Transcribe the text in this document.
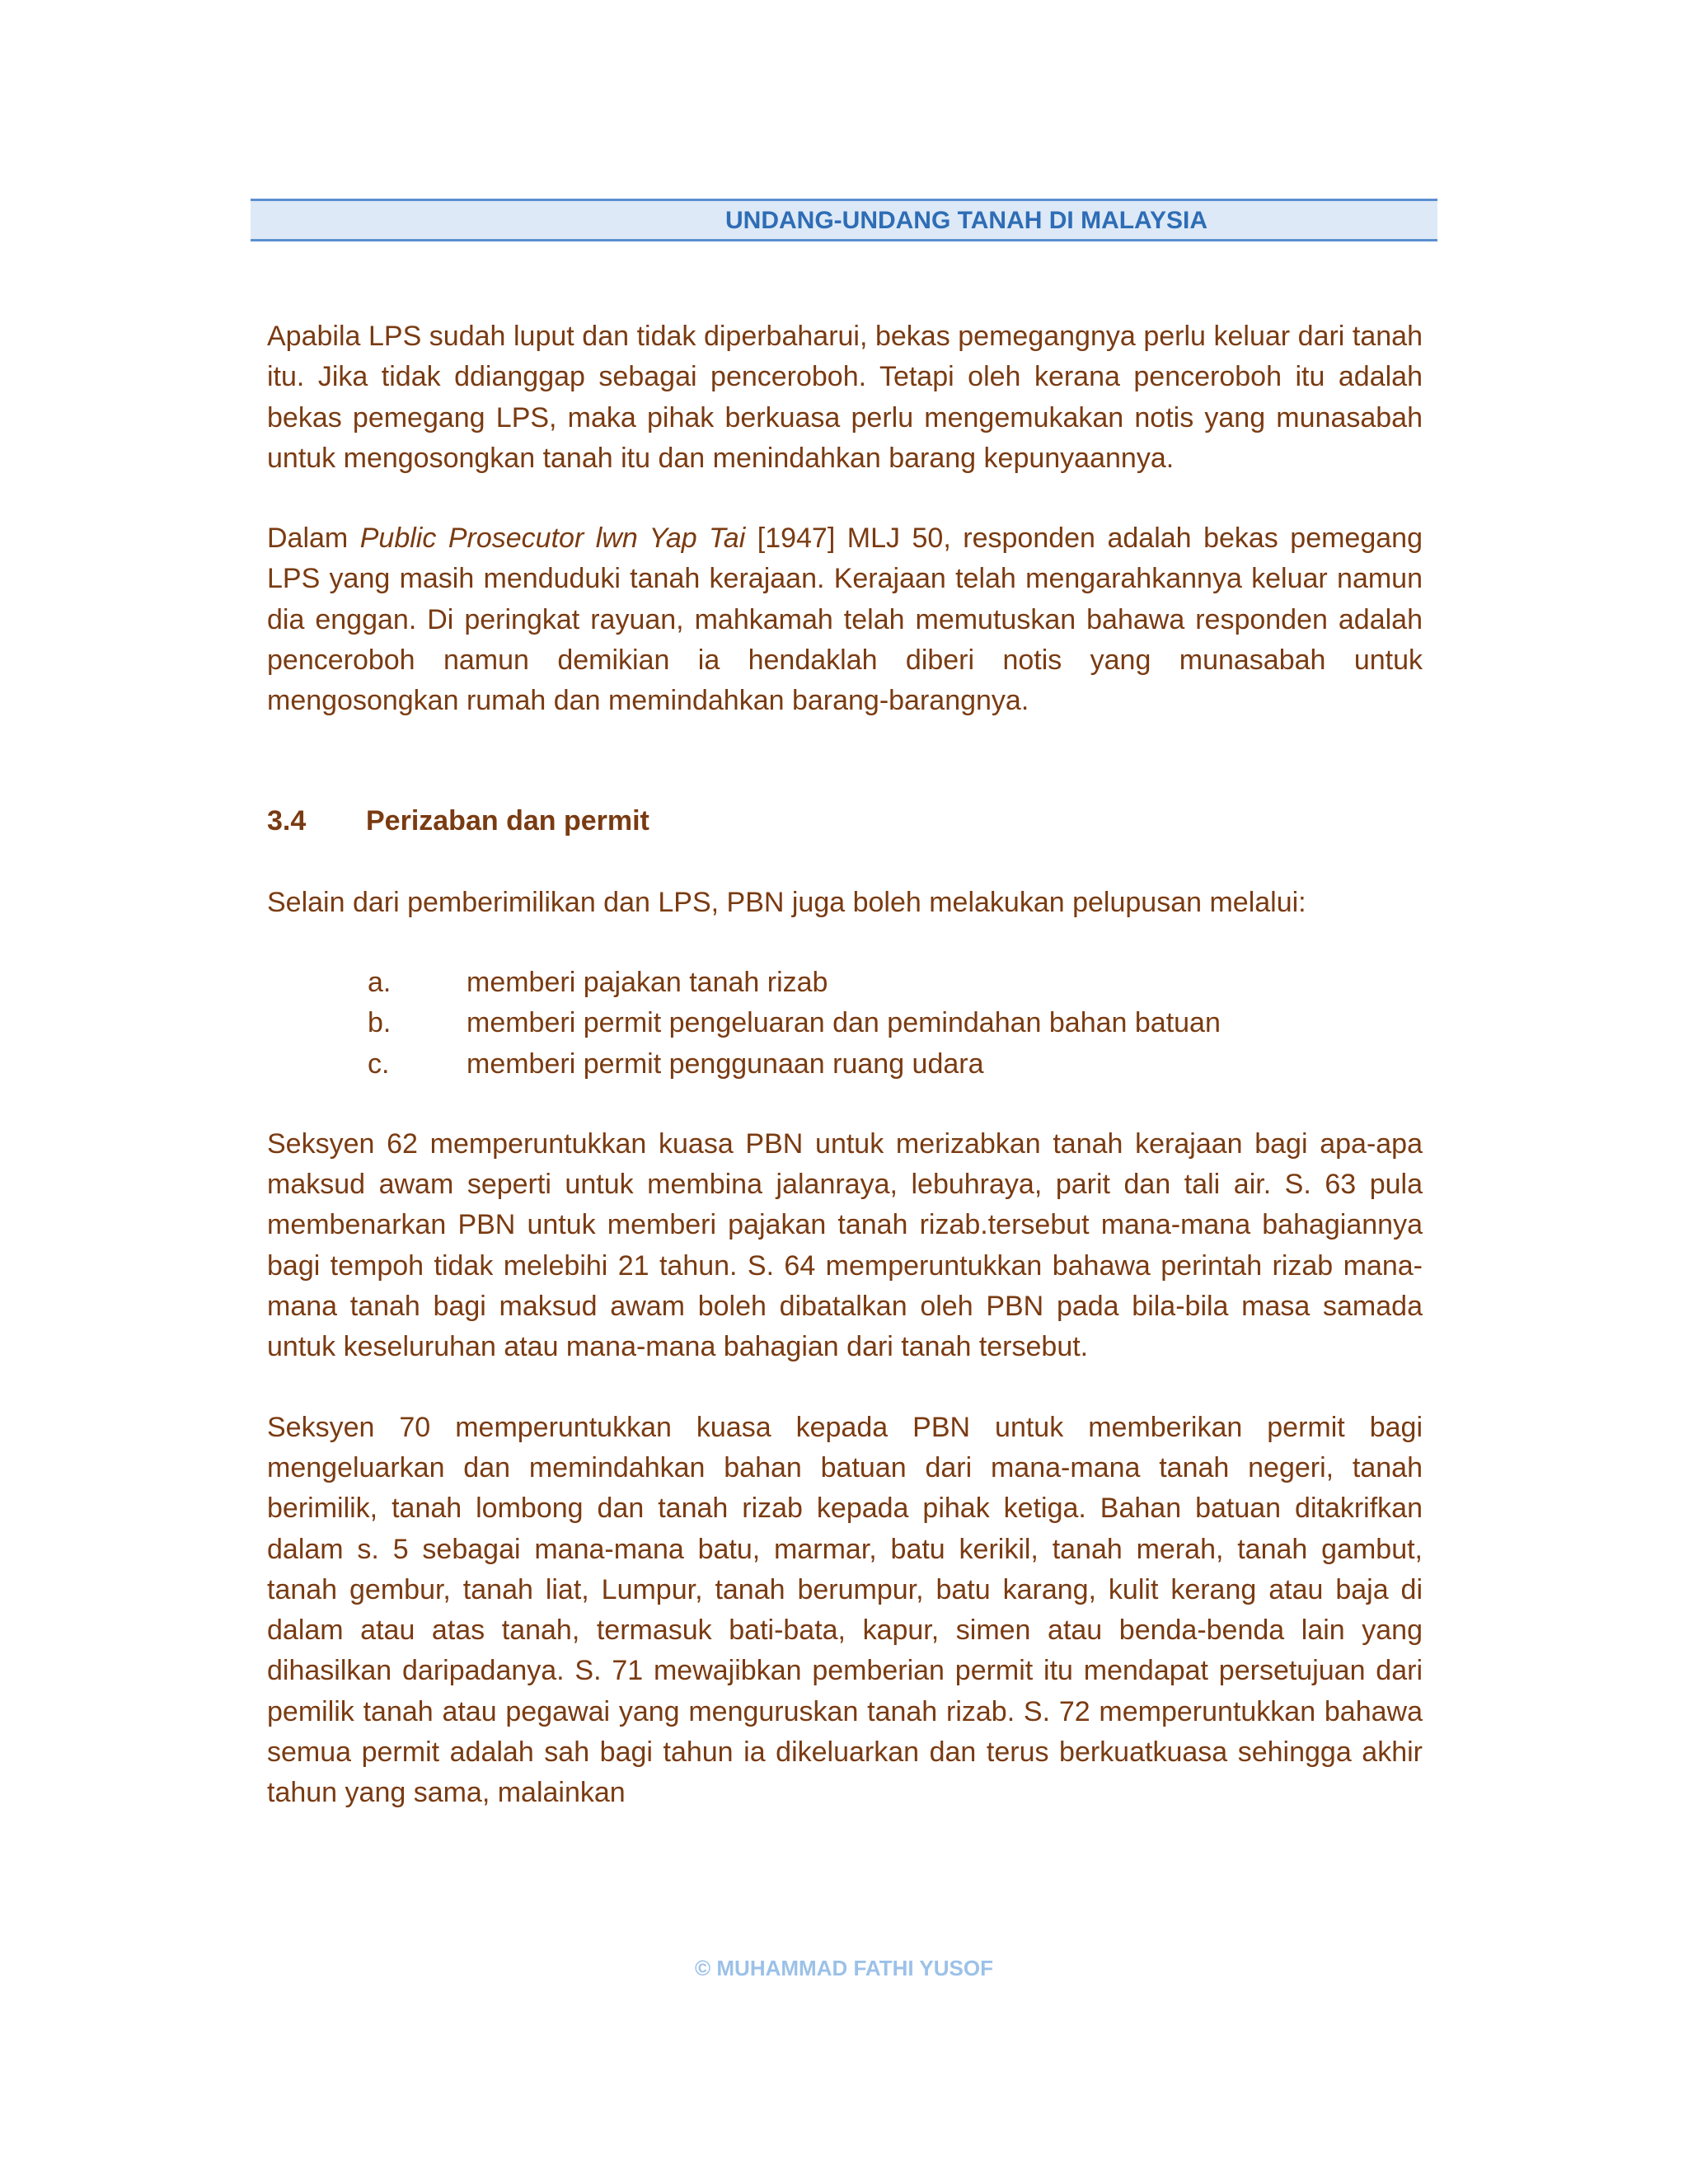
UNDANG-UNDANG TANAH DI MALAYSIA

Apabila LPS sudah luput dan tidak diperbaharui, bekas pemegangnya perlu keluar dari tanah itu. Jika tidak ddianggap sebagai penceroboh. Tetapi oleh kerana penceroboh itu adalah bekas pemegang LPS, maka pihak berkuasa perlu mengemukakan notis yang munasabah untuk mengosongkan tanah itu dan menindahkan barang kepunyaannya.

Dalam Public Prosecutor lwn Yap Tai [1947] MLJ 50, responden adalah bekas pemegang LPS yang masih menduduki tanah kerajaan. Kerajaan telah mengarahkannya keluar namun dia enggan. Di peringkat rayuan, mahkamah telah memutuskan bahawa responden adalah penceroboh namun demikian ia hendaklah diberi notis yang munasabah untuk mengosongkan rumah dan memindahkan barang-barangnya.

3.4	Perizaban dan permit

Selain dari pemberimilikan dan LPS, PBN juga boleh melakukan pelupusan melalui:

a.	memberi pajakan tanah rizab
b.	memberi permit pengeluaran dan pemindahan bahan batuan
c.	memberi permit penggunaan ruang udara

Seksyen 62 memperuntukkan kuasa PBN untuk merizabkan tanah kerajaan bagi apa-apa maksud awam seperti untuk membina jalanraya, lebuhraya, parit dan tali air. S. 63 pula membenarkan PBN untuk memberi pajakan tanah rizab.tersebut mana-mana bahagiannya bagi tempoh tidak melebihi 21 tahun. S. 64 memperuntukkan bahawa perintah rizab mana-mana tanah bagi maksud awam boleh dibatalkan oleh PBN pada bila-bila masa samada untuk keseluruhan atau mana-mana bahagian dari tanah tersebut.

Seksyen 70 memperuntukkan kuasa kepada PBN untuk memberikan permit bagi mengeluarkan dan memindahkan bahan batuan dari mana-mana tanah negeri, tanah berimilik, tanah lombong dan tanah rizab kepada pihak ketiga. Bahan batuan ditakrifkan dalam s. 5 sebagai mana-mana batu, marmar, batu kerikil, tanah merah, tanah gambut, tanah gembur, tanah liat, Lumpur, tanah berumpur, batu karang, kulit kerang atau baja di dalam atau atas tanah, termasuk bati-bata, kapur, simen atau benda-benda lain yang dihasilkan daripadanya. S. 71 mewajibkan pemberian permit itu mendapat persetujuan dari pemilik tanah atau pegawai yang menguruskan tanah rizab. S. 72 memperuntukkan bahawa semua permit adalah sah bagi tahun ia dikeluarkan dan terus berkuatkuasa sehingga akhir tahun yang sama, malainkan

© MUHAMMAD FATHI YUSOF
